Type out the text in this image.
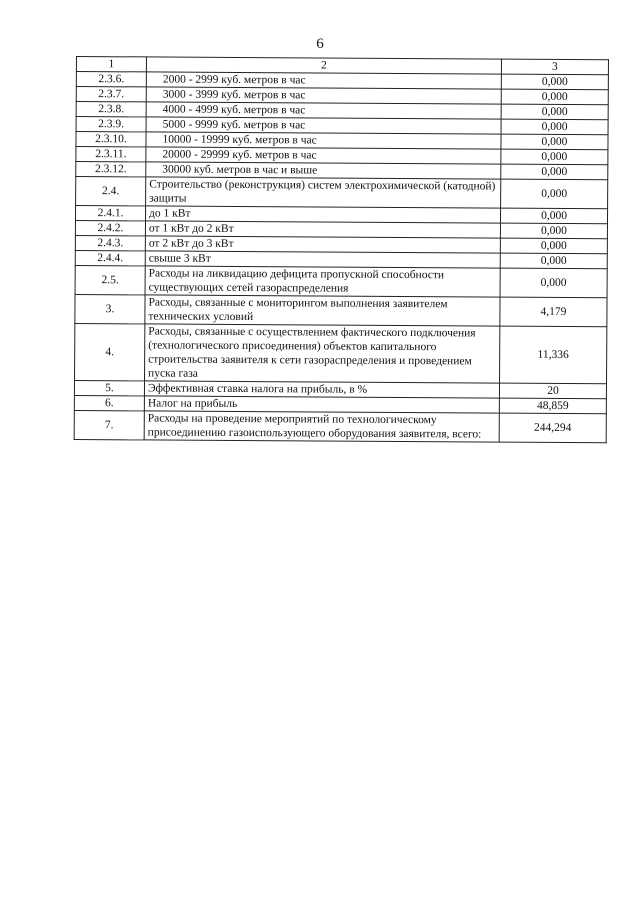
6
1	2	3
2.3.6.	2000 - 2999 куб. метров в час	0,000
2.3.7.	3000 - 3999 куб. метров в час	0,000
2.3.8.	4000 - 4999 куб. метров в час	0,000
2.3.9.	5000 - 9999 куб. метров в час	0,000
2.3.10.	10000 - 19999 куб. метров в час	0,000
2.3.11.	20000 - 29999 куб. метров в час	0,000
2.3.12.	30000 куб. метров в час и выше	0,000
2.4.	Строительство (реконструкция) систем электрохимической (катодной) защиты	0,000
2.4.1.	до 1 кВт	0,000
2.4.2.	от 1 кВт до 2 кВт	0,000
2.4.3.	от 2 кВт до 3 кВт	0,000
2.4.4.	свыше 3 кВт	0,000
2.5.	Расходы на ликвидацию дефицита пропускной способности существующих сетей газораспределения	0,000
3.	Расходы, связанные с мониторингом выполнения заявителем технических условий	4,179
4.	Расходы, связанные с осуществлением фактического подключения (технологического присоединения) объектов капитального строительства заявителя к сети газораспределения и проведением пуска газа	11,336
5.	Эффективная ставка налога на прибыль, в %	20
6.	Налог на прибыль	48,859
7.	Расходы на проведение мероприятий по технологическому присоединению газоиспользующего оборудования заявителя, всего:	244,294
